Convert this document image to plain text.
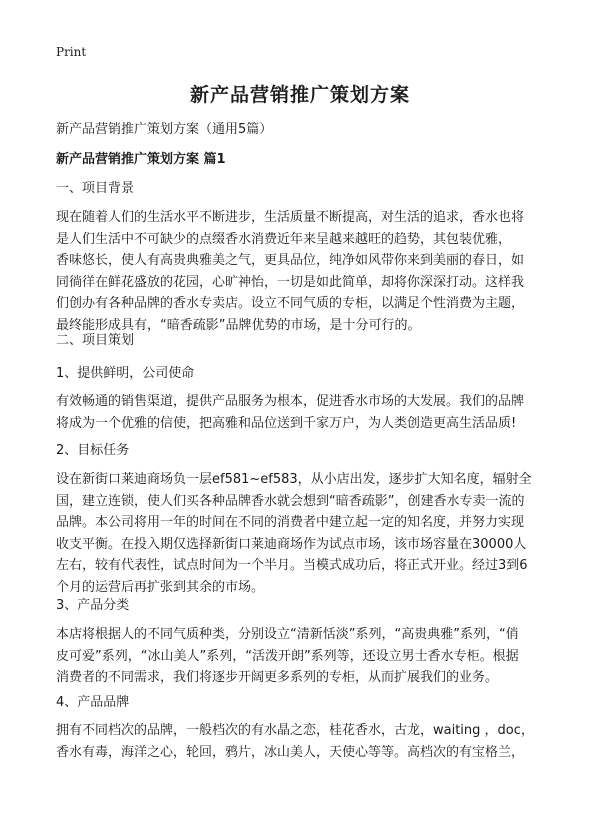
Print
新产品营销推广策划方案
新产品营销推广策划方案（通用5篇）
新产品营销推广策划方案 篇1
一、项目背景
现在随着人们的生活水平不断进步，生活质量不断提高，对生活的追求，香水也将
是人们生活中不可缺少的点缀香水消费近年来呈越来越旺的趋势，其包装优雅，
香味悠长，使人有高贵典雅美之气，更具品位，纯净如风带你来到美丽的春日，如
同徜徉在鲜花盛放的花园，心旷神怡，一切是如此简单，却将你深深打动。这样我
们创办有各种品牌的香水专卖店。设立不同气质的专柜，以满足个性消费为主题，
最终能形成具有，“暗香疏影”品牌优势的市场，是十分可行的。
二、项目策划
1、提供鲜明，公司使命
有效畅通的销售渠道，提供产品服务为根本，促进香水市场的大发展。我们的品牌
将成为一个优雅的信使，把高雅和品位送到千家万户，为人类创造更高生活品质!
2、目标任务
设在新街口莱迪商场负一层ef581~ef583，从小店出发，逐步扩大知名度，辐射全
国，建立连锁，使人们买各种品牌香水就会想到“暗香疏影”，创建香水专卖一流的
品牌。本公司将用一年的时间在不同的消费者中建立起一定的知名度，并努力实现
收支平衡。在投入期仅选择新街口莱迪商场作为试点市场，该市场容量在30000人
左右，较有代表性，试点时间为一个半月。当模式成功后，将正式开业。经过3到6
个月的运营后再扩张到其余的市场。
3、产品分类
本店将根据人的不同气质种类，分别设立“清新恬淡”系列，“高贵典雅”系列，“俏
皮可爱”系列，“冰山美人”系列，“活泼开朗”系列等，还设立男士香水专柜。根据
消费者的不同需求，我们将逐步开阔更多系列的专柜，从而扩展我们的业务。
4、产品品牌
拥有不同档次的品牌，一般档次的有水晶之恋，桂花香水，古龙，waiting ，doc，
香水有毒，海洋之心，轮回，鸦片，冰山美人，天使心等等。高档次的有宝格兰，
